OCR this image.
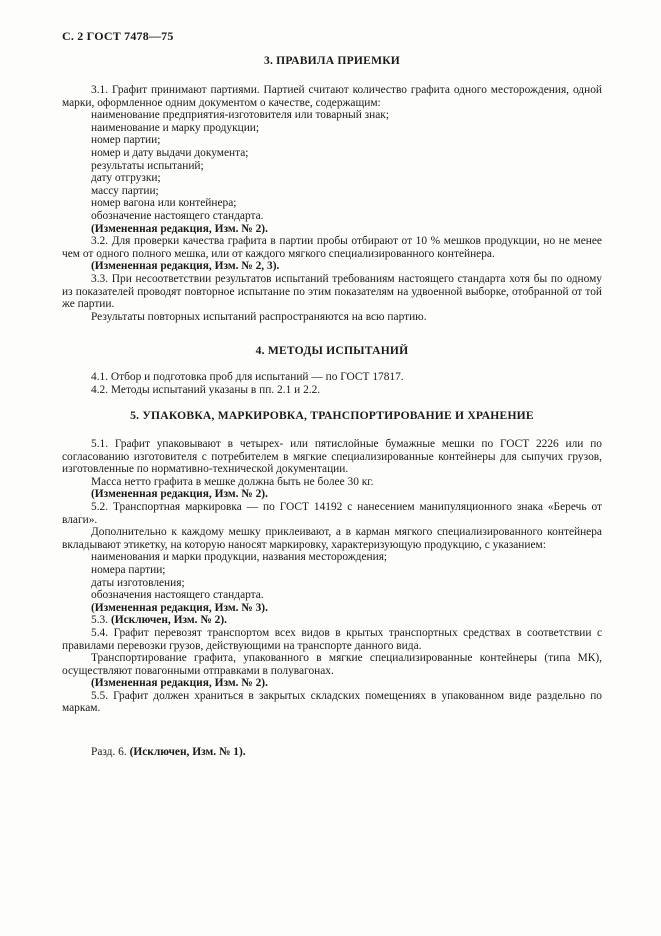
С. 2 ГОСТ 7478—75
3. ПРАВИЛА ПРИЕМКИ

3.1. Графит принимают партиями. Партией считают количество графита одного месторождения, одной марки, оформленное одним документом о качестве, содержащим:

наименование предприятия-изготовителя или товарный знак;

наименование и марку продукции;

номер партии;

номер и дату выдачи документа;

результаты испытаний;

дату отгрузки;

массу партии;

номер вагона или контейнера;

обозначение настоящего стандарта.

(Измененная редакция, Изм. № 2).

3.2. Для проверки качества графита в партии пробы отбирают от 10 % мешков продукции, но не менее чем от одного полного мешка, или от каждого мягкого специализированного контейнера.

(Измененная редакция, Изм. № 2, 3).

3.3. При несоответствии результатов испытаний требованиям настоящего стандарта хотя бы по одному из показателей проводят повторное испытание по этим показателям на удвоенной выборке, отобранной от той же партии.

Результаты повторных испытаний распространяются на всю партию.

4. МЕТОДЫ ИСПЫТАНИЙ

4.1. Отбор и подготовка проб для испытаний — по ГОСТ 17817.

4.2. Методы испытаний указаны в пп. 2.1 и 2.2.

5. УПАКОВКА, МАРКИРОВКА, ТРАНСПОРТИРОВАНИЕ И ХРАНЕНИЕ

5.1. Графит упаковывают в четырех- или пятислойные бумажные мешки по ГОСТ 2226 или по согласованию изготовителя с потребителем в мягкие специализированные контейнеры для сыпучих грузов, изготовленные по нормативно-технической документации.

Масса нетто графита в мешке должна быть не более 30 кг.

(Измененная редакция, Изм. № 2).

5.2. Транспортная маркировка — по ГОСТ 14192 с нанесением манипуляционного знака «Беречь от влаги».

Дополнительно к каждому мешку приклеивают, а в карман мягкого специализированного контейнера вкладывают этикетку, на которую наносят маркировку, характеризующую продукцию, с указанием:

наименования и марки продукции, названия месторождения;

номера партии;

даты изготовления;

обозначения настоящего стандарта.

(Измененная редакция, Изм. № 3).

5.3. (Исключен, Изм. № 2).

5.4. Графит перевозят транспортом всех видов в крытых транспортных средствах в соответствии с правилами перевозки грузов, действующими на транспорте данного вида.

Транспортирование графита, упакованного в мягкие специализированные контейнеры (типа МК), осуществляют повагонными отправками в полувагонах.

(Измененная редакция, Изм. № 2).

5.5. Графит должен храниться в закрытых складских помещениях в упакованном виде раздельно по маркам.

Разд. 6. (Исключен, Изм. № 1).
